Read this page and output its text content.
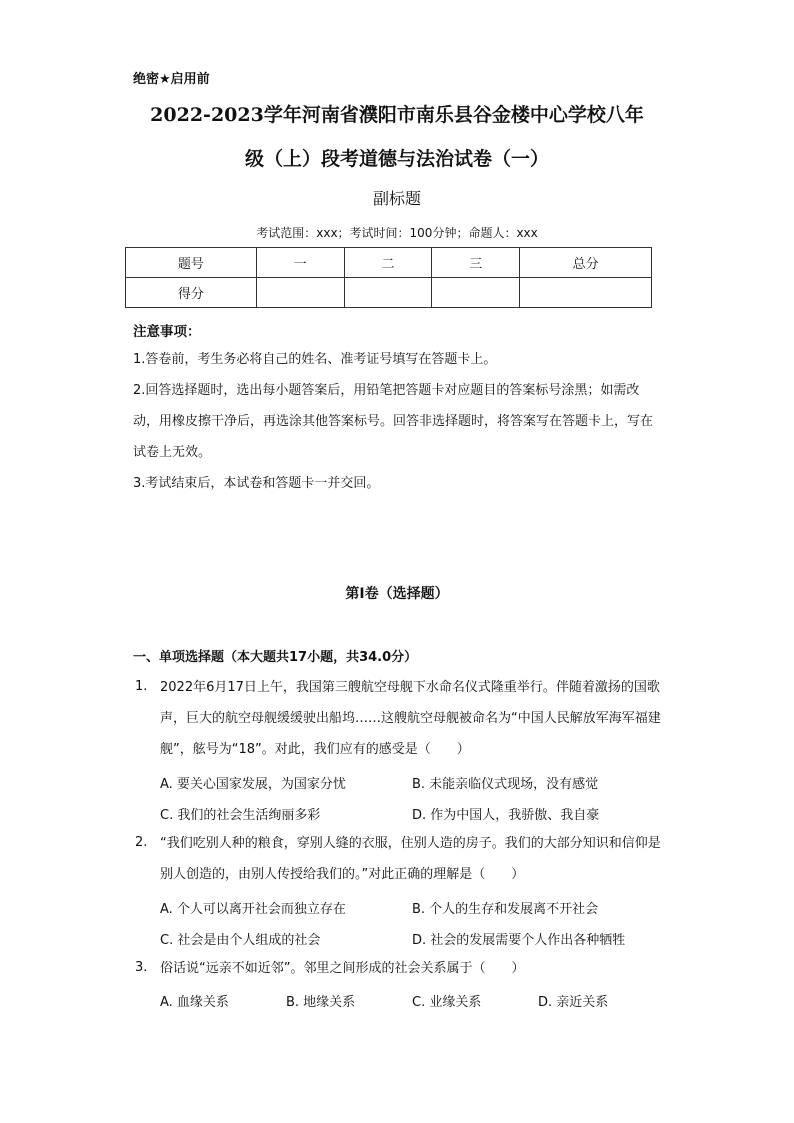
绝密★启用前
2022-2023学年河南省濮阳市南乐县谷金楼中心学校八年
级（上）段考道德与法治试卷（一）
副标题
考试范围：xxx；考试时间：100分钟；命题人：xxx
题号	一	二	三	总分
得分				
注意事项：
1.答卷前，考生务必将自己的姓名、准考证号填写在答题卡上。
2.回答选择题时，选出每小题答案后，用铅笔把答题卡对应题目的答案标号涂黑；如需改动，用橡皮擦干净后，再选涂其他答案标号。回答非选择题时，将答案写在答题卡上，写在试卷上无效。
3.考试结束后，本试卷和答题卡一并交回。
第Ⅰ卷（选择题）
一、单项选择题（本大题共17小题，共34.0分）
1. 2022年6月17日上午，我国第三艘航空母舰下水命名仪式隆重举行。伴随着激扬的国歌声，巨大的航空母舰缓缓驶出船坞……这艘航空母舰被命名为“中国人民解放军海军福建舰”，舷号为“18”。对此，我们应有的感受是（　　）
A. 要关心国家发展，为国家分忧	B. 未能亲临仪式现场，没有感觉
C. 我们的社会生活绚丽多彩	D. 作为中国人，我骄傲、我自豪
2. “我们吃别人种的粮食，穿别人缝的衣服，住别人造的房子。我们的大部分知识和信仰是别人创造的，由别人传授给我们的。”对此正确的理解是（　　）
A. 个人可以离开社会而独立存在	B. 个人的生存和发展离不开社会
C. 社会是由个人组成的社会	D. 社会的发展需要个人作出各种牺牲
3. 俗话说“远亲不如近邻”。邻里之间形成的社会关系属于（　　）
A. 血缘关系	B. 地缘关系	C. 业缘关系	D. 亲近关系
